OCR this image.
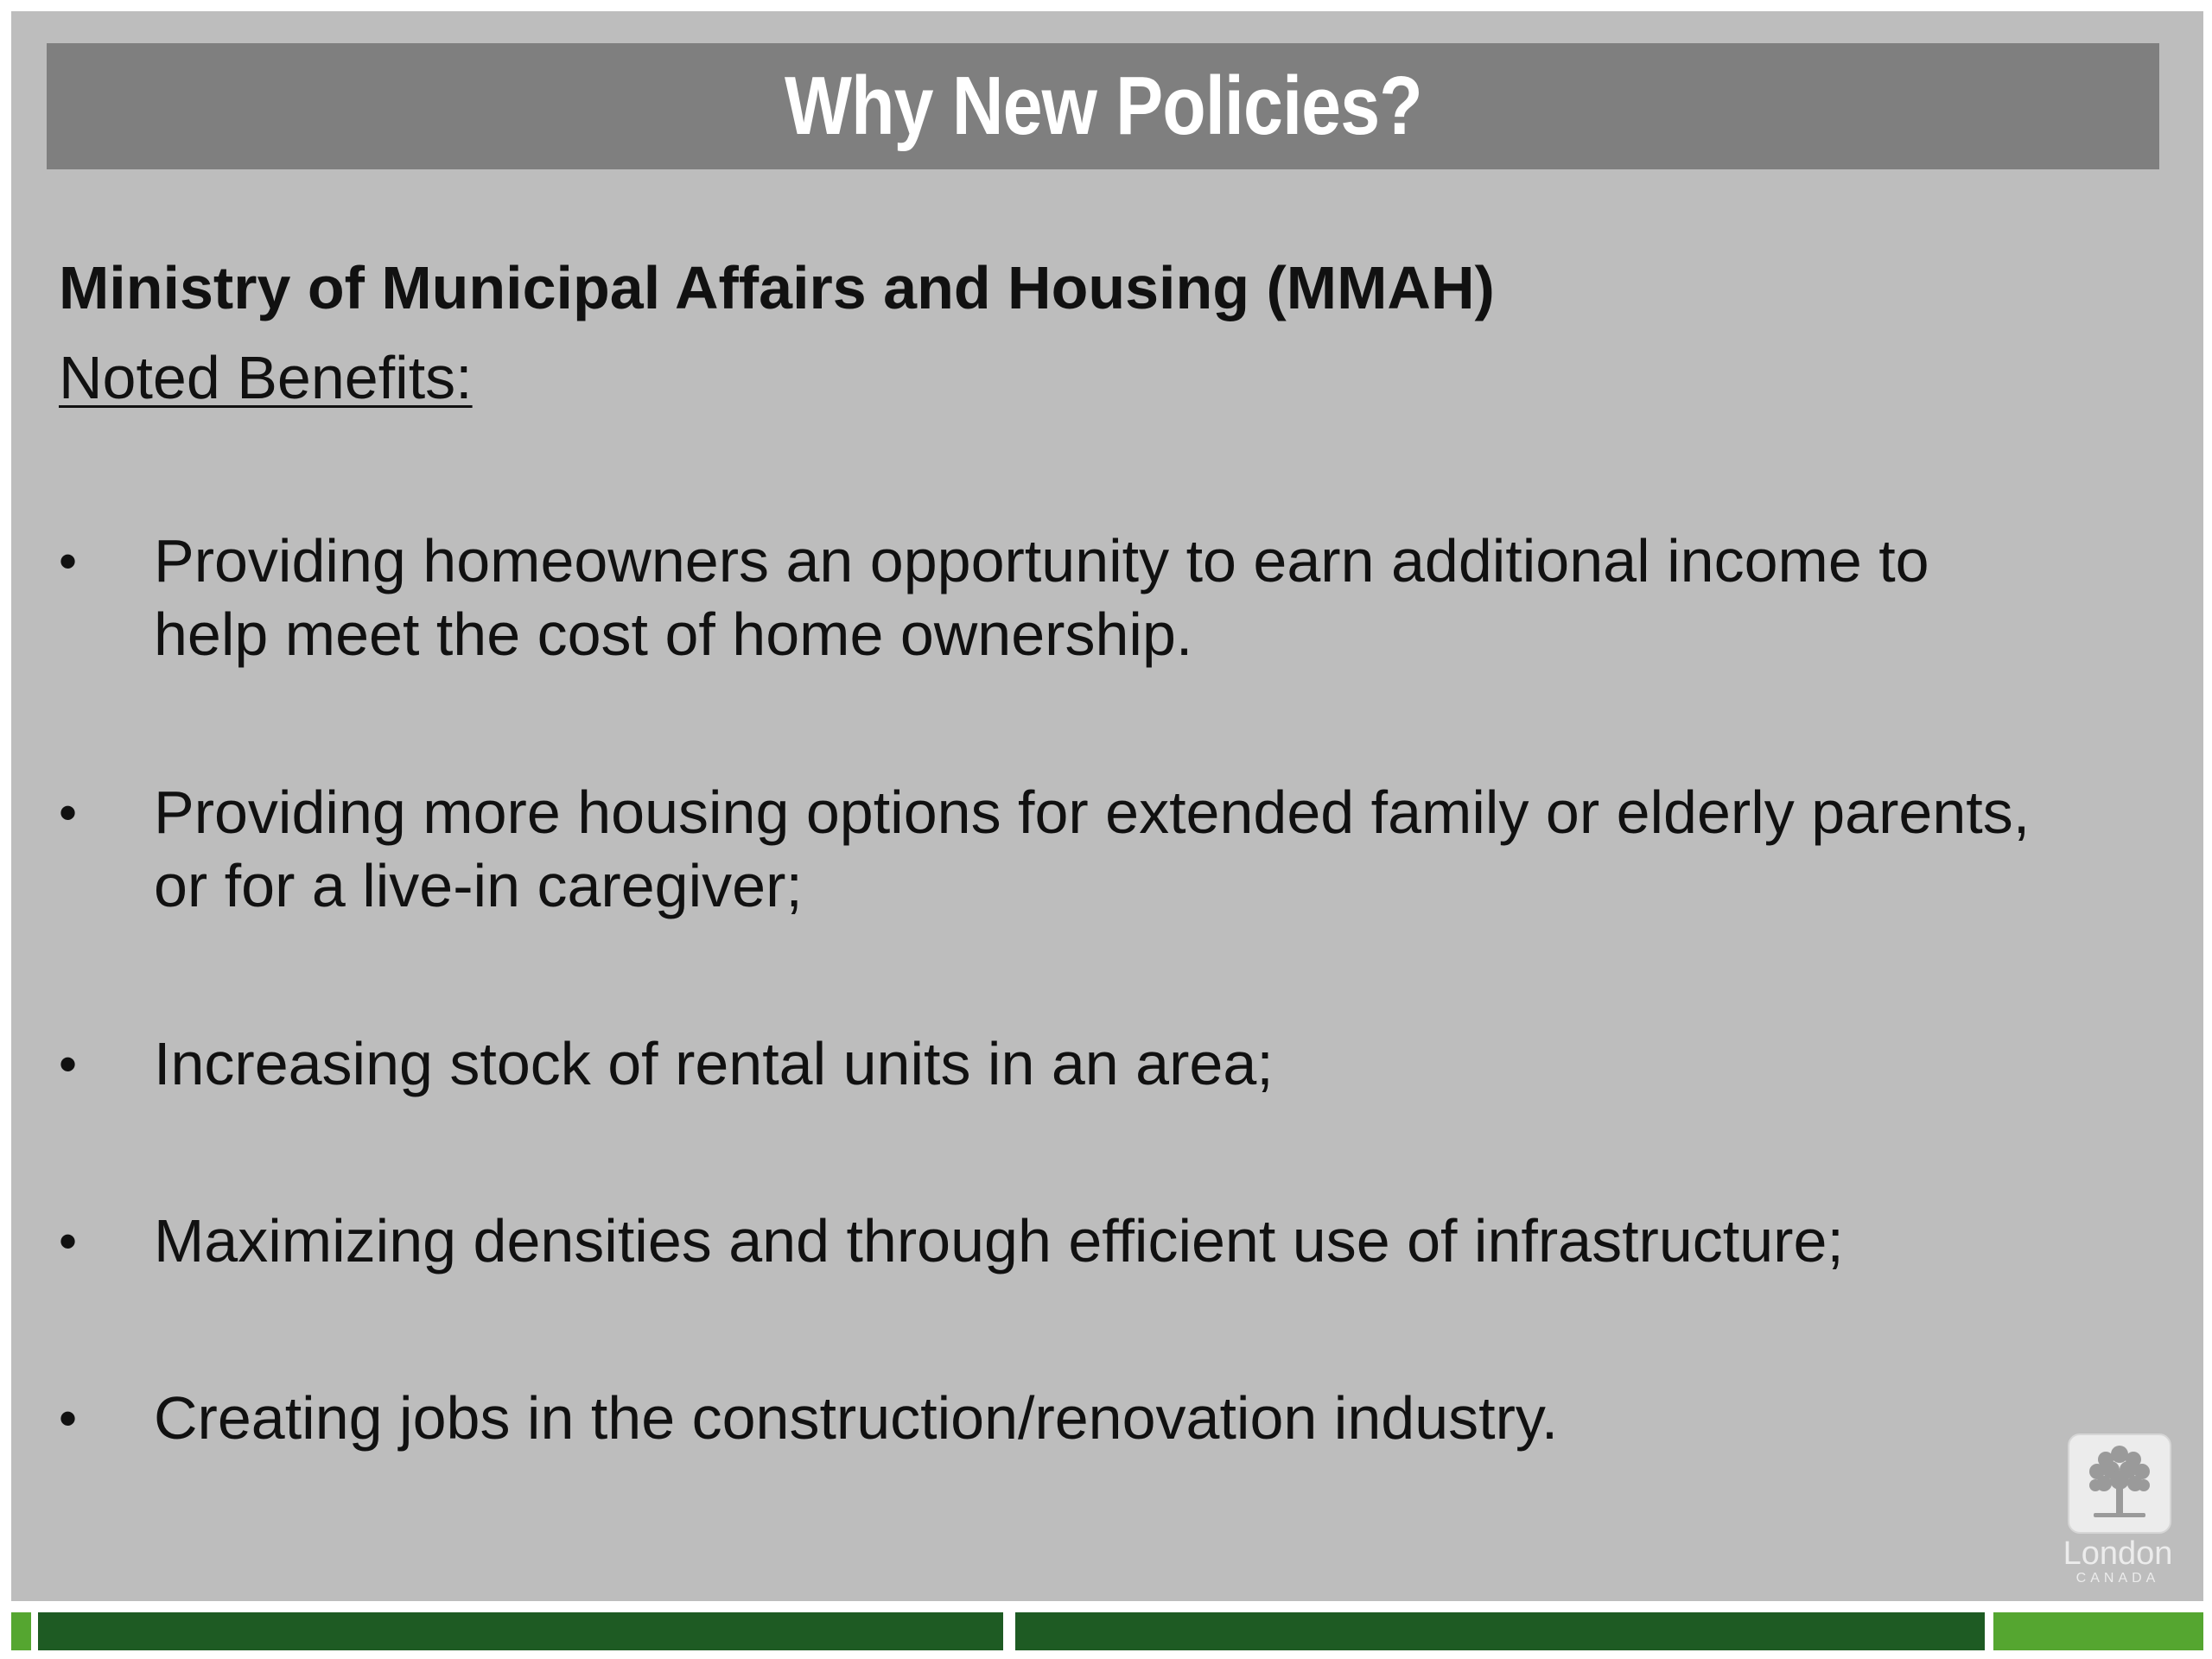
Why New Policies?

Ministry of Municipal Affairs and Housing (MMAH)

Noted Benefits:

•	Providing homeowners an opportunity to earn additional income to help meet the cost of home ownership.
•	Providing more housing options for extended family or elderly parents, or for a live-in caregiver;
•	Increasing stock of rental units in an area;
•	Maximizing densities and through efficient use of infrastructure;
•	Creating jobs in the construction/renovation industry.
London
CANADA
